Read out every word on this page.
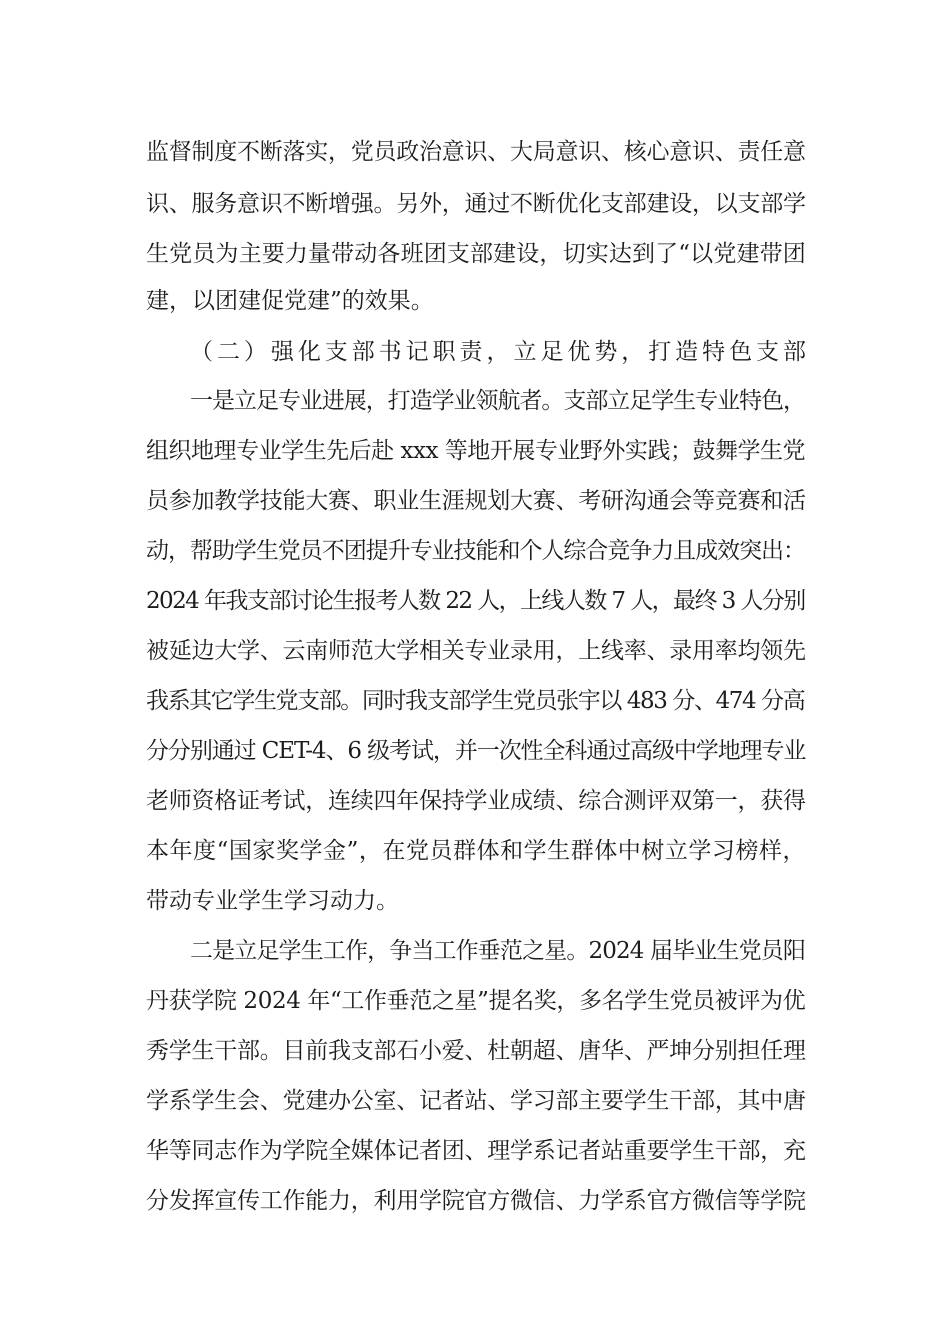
监督制度不断落实，党员政治意识、大局意识、核心意识、责任意
识、服务意识不断增强。另外，通过不断优化支部建设，以支部学
生党员为主要力量带动各班团支部建设，切实达到了“以党建带团
建，以团建促党建”的效果。
（二）强化支部书记职责，立足优势，打造特色支部
一是立足专业进展，打造学业领航者。支部立足学生专业特色，
组织地理专业学生先后赴 xxx 等地开展专业野外实践；鼓舞学生党
员参加教学技能大赛、职业生涯规划大赛、考研沟通会等竞赛和活
动，帮助学生党员不团提升专业技能和个人综合竞争力且成效突出：
2024 年我支部讨论生报考人数 22 人，上线人数 7 人，最终 3 人分别
被延边大学、云南师范大学相关专业录用，上线率、录用率均领先
我系其它学生党支部。同时我支部学生党员张宇以 483 分、474 分高
分分别通过 CET-4、6 级考试，并一次性全科通过高级中学地理专业
老师资格证考试，连续四年保持学业成绩、综合测评双第一，获得
本年度“国家奖学金”，在党员群体和学生群体中树立学习榜样，
带动专业学生学习动力。
二是立足学生工作，争当工作垂范之星。2024 届毕业生党员阳
丹获学院 2024 年“工作垂范之星”提名奖，多名学生党员被评为优
秀学生干部。目前我支部石小爱、杜朝超、唐华、严坤分别担任理
学系学生会、党建办公室、记者站、学习部主要学生干部，其中唐
华等同志作为学院全媒体记者团、理学系记者站重要学生干部，充
分发挥宣传工作能力，利用学院官方微信、力学系官方微信等学院
